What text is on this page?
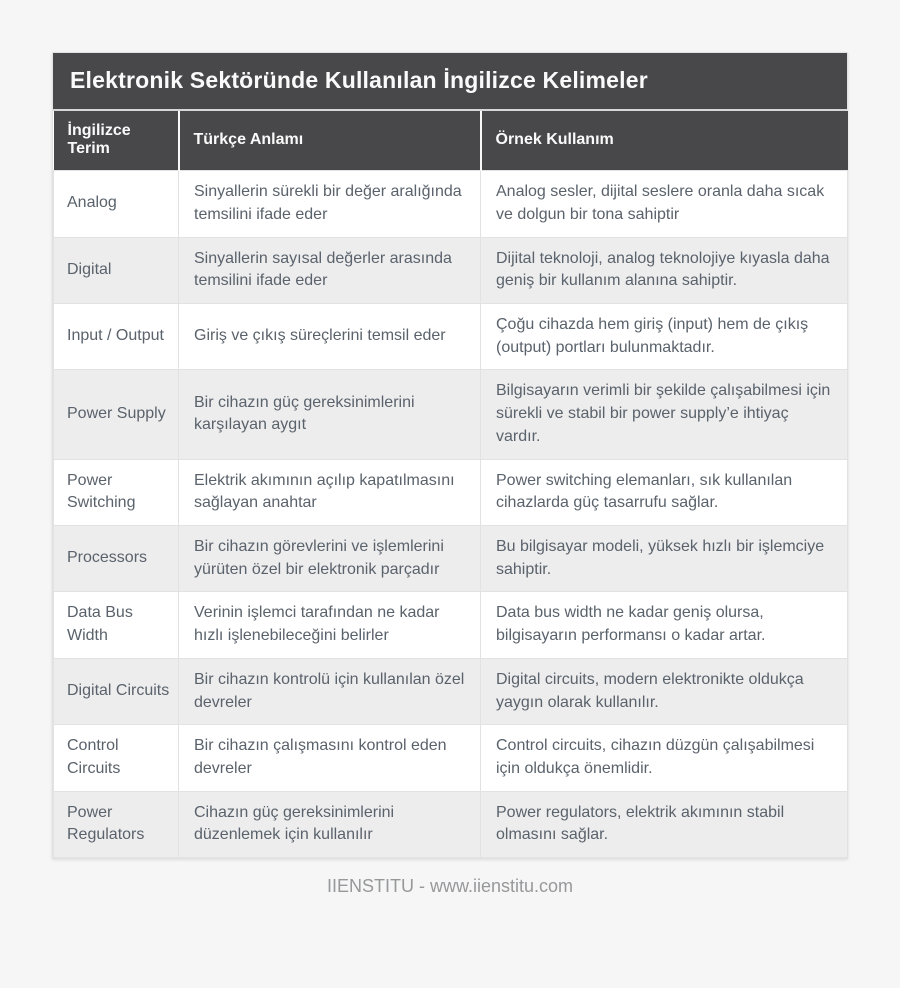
Elektronik Sektöründe Kullanılan İngilizce Kelimeler
İngilizce Terim	Türkçe Anlamı	Örnek Kullanım
Analog	Sinyallerin sürekli bir değer aralığında temsilini ifade eder	Analog sesler, dijital seslere oranla daha sıcak ve dolgun bir tona sahiptir
Digital	Sinyallerin sayısal değerler arasında temsilini ifade eder	Dijital teknoloji, analog teknolojiye kıyasla daha geniş bir kullanım alanına sahiptir.
Input / Output	Giriş ve çıkış süreçlerini temsil eder	Çoğu cihazda hem giriş (input) hem de çıkış (output) portları bulunmaktadır.
Power Supply	Bir cihazın güç gereksinimlerini karşılayan aygıt	Bilgisayarın verimli bir şekilde çalışabilmesi için sürekli ve stabil bir power supply’e ihtiyaç vardır.
Power Switching	Elektrik akımının açılıp kapatılmasını sağlayan anahtar	Power switching elemanları, sık kullanılan cihazlarda güç tasarrufu sağlar.
Processors	Bir cihazın görevlerini ve işlemlerini yürüten özel bir elektronik parçadır	Bu bilgisayar modeli, yüksek hızlı bir işlemciye sahiptir.
Data Bus Width	Verinin işlemci tarafından ne kadar hızlı işlenebileceğini belirler	Data bus width ne kadar geniş olursa, bilgisayarın performansı o kadar artar.
Digital Circuits	Bir cihazın kontrolü için kullanılan özel devreler	Digital circuits, modern elektronikte oldukça yaygın olarak kullanılır.
Control Circuits	Bir cihazın çalışmasını kontrol eden devreler	Control circuits, cihazın düzgün çalışabilmesi için oldukça önemlidir.
Power Regulators	Cihazın güç gereksinimlerini düzenlemek için kullanılır	Power regulators, elektrik akımının stabil olmasını sağlar.
IIENSTITU - www.iienstitu.com
